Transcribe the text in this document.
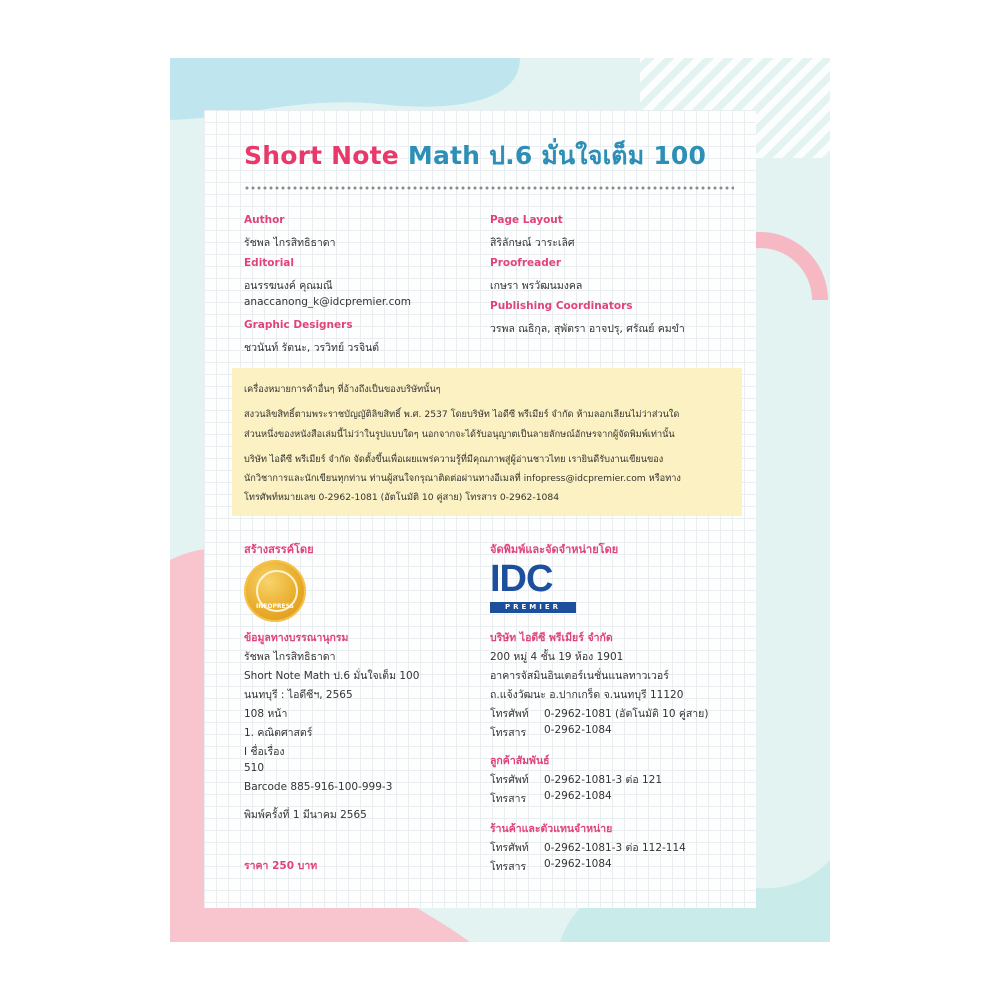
Short Note Math ป.6 มั่นใจเต็ม 100
Author
รัชพล ไกรสิทธิธาดา
Editorial
อนรรฆนงค์ คุณมณี
anaccanong_k@idcpremier.com
Graphic Designers
ชวนันท์ รัตนะ, วรวิทย์ วรจินต์
Page Layout
สิริลักษณ์ วาระเลิศ
Proofreader
เกษรา พรวัฒนมงคล
Publishing Coordinators
วรพล ณธิกุล, สุพัตรา อาจปรุ, ศรัณย์ คมขำ
เครื่องหมายการค้าอื่นๆ ที่อ้างถึงเป็นของบริษัทนั้นๆ
สงวนลิขสิทธิ์ตามพระราชบัญญัติลิขสิทธิ์ พ.ศ. 2537 โดยบริษัท ไอดีซี พรีเมียร์ จำกัด ห้ามลอกเลียนไม่ว่าส่วนใด
ส่วนหนึ่งของหนังสือเล่มนี้ไม่ว่าในรูปแบบใดๆ นอกจากจะได้รับอนุญาตเป็นลายลักษณ์อักษรจากผู้จัดพิมพ์เท่านั้น
บริษัท ไอดีซี พรีเมียร์ จำกัด จัดตั้งขึ้นเพื่อเผยแพร่ความรู้ที่มีคุณภาพสู่ผู้อ่านชาวไทย เรายินดีรับงานเขียนของ
นักวิชาการและนักเขียนทุกท่าน ท่านผู้สนใจกรุณาติดต่อผ่านทางอีเมลที่ infopress@idcpremier.com หรือทาง
โทรศัพท์หมายเลข 0-2962-1081 (อัตโนมัติ 10 คู่สาย) โทรสาร 0-2962-1084
สร้างสรรค์โดย	จัดพิมพ์และจัดจำหน่ายโดย
INFOPRESS
IDC
PREMIER
ข้อมูลทางบรรณานุกรม
รัชพล ไกรสิทธิธาดา
Short Note Math ป.6 มั่นใจเต็ม 100
นนทบุรี : ไอดีซีฯ, 2565
108 หน้า
1. คณิตศาสตร์
I ชื่อเรื่อง
510
Barcode 885-916-100-999-3
พิมพ์ครั้งที่ 1 มีนาคม 2565
ราคา 250 บาท
บริษัท ไอดีซี พรีเมียร์ จำกัด
200 หมู่ 4 ชั้น 19 ห้อง 1901
อาคารจัสมินอินเตอร์เนชั่นแนลทาวเวอร์
ถ.แจ้งวัฒนะ อ.ปากเกร็ด จ.นนทบุรี 11120
โทรศัพท์ 0-2962-1081 (อัตโนมัติ 10 คู่สาย)
โทรสาร 0-2962-1084
ลูกค้าสัมพันธ์
โทรศัพท์ 0-2962-1081-3 ต่อ 121
โทรสาร 0-2962-1084
ร้านค้าและตัวแทนจำหน่าย
โทรศัพท์ 0-2962-1081-3 ต่อ 112-114
โทรสาร 0-2962-1084
